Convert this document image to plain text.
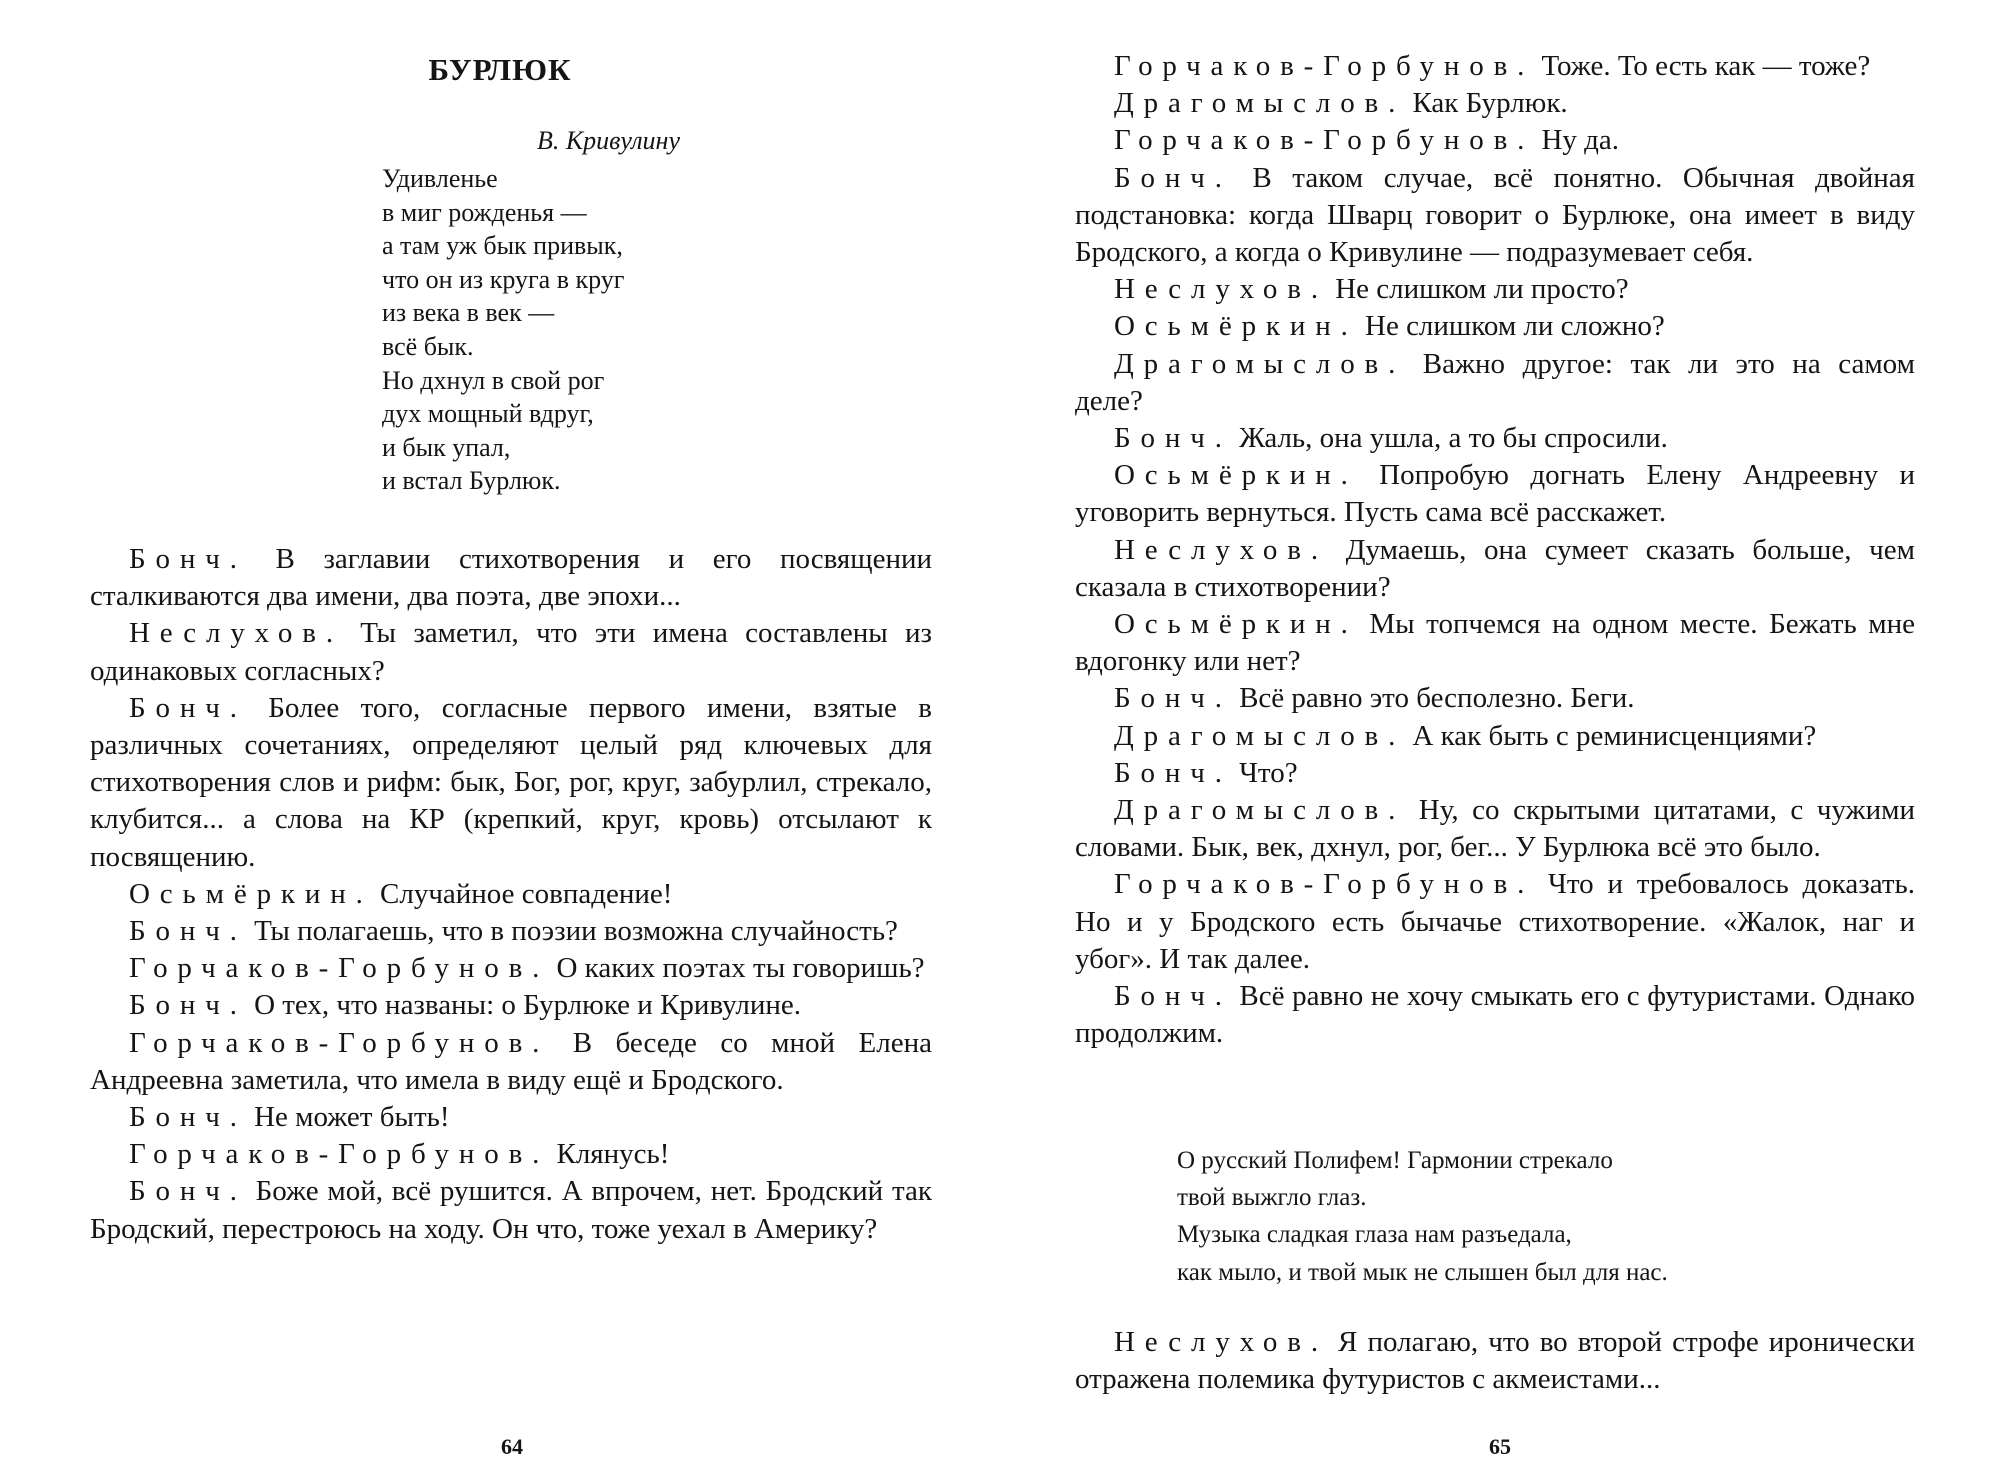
БУРЛЮК
В. Кривулину
Удивленье
в миг рожденья —
а там уж бык привык,
что он из круга в круг
из века в век —
всё бык.
Но дхнул в свой рог
дух мощный вдруг,
и бык упал,
и встал Бурлюк.

Бонч. В заглавии стихотворения и его посвящении сталкиваются два имени, два поэта, две эпохи...

Неслухов. Ты заметил, что эти имена составлены из одинаковых согласных?

Бонч. Более того, согласные первого имени, взятые в различных сочетаниях, определяют целый ряд ключевых для стихотворения слов и рифм: бык, Бог, рог, круг, забурлил, стрекало, клубится... а слова на КР (крепкий, круг, кровь) отсылают к посвящению.

Осьмёркин. Случайное совпадение!

Бонч. Ты полагаешь, что в поэзии возможна случайность?

Горчаков-Горбунов. О каких поэтах ты говоришь?

Бонч. О тех, что названы: о Бурлюке и Кривулине.

Горчаков-Горбунов. В беседе со мной Елена Андреевна заметила, что имела в виду ещё и Бродского.

Бонч. Не может быть!

Горчаков-Горбунов. Клянусь!

Бонч. Боже мой, всё рушится. А впрочем, нет. Бродский так Бродский, перестроюсь на ходу. Он что, тоже уехал в Америку?

64

Горчаков-Горбунов. Тоже. То есть как — тоже?

Драгомыслов. Как Бурлюк.

Горчаков-Горбунов. Ну да.

Бонч. В таком случае, всё понятно. Обычная двойная подстановка: когда Шварц говорит о Бурлюке, она имеет в виду Бродского, а когда о Кривулине — подразумевает себя.

Неслухов. Не слишком ли просто?

Осьмёркин. Не слишком ли сложно?

Драгомыслов. Важно другое: так ли это на самом деле?

Бонч. Жаль, она ушла, а то бы спросили.

Осьмёркин. Попробую догнать Елену Андреевну и уговорить вернуться. Пусть сама всё расскажет.

Неслухов. Думаешь, она сумеет сказать больше, чем сказала в стихотворении?

Осьмёркин. Мы топчемся на одном месте. Бежать мне вдогонку или нет?

Бонч. Всё равно это бесполезно. Беги.

Драгомыслов. А как быть с реминисценциями?

Бонч. Что?

Драгомыслов. Ну, со скрытыми цитатами, с чужими словами. Бык, век, дхнул, рог, бег... У Бурлюка всё это было.

Горчаков-Горбунов. Что и требовалось доказать. Но и у Бродского есть бычачье стихотворение. «Жалок, наг и убог». И так далее.

Бонч. Всё равно не хочу смыкать его с футуристами. Однако продолжим.

О русский Полифем! Гармонии стрекало
твой выжгло глаз.
Музыка сладкая глаза нам разъедала,
как мыло, и твой мык не слышен был для нас.

Неслухов. Я полагаю, что во второй строфе иронически отражена полемика футуристов с акмеистами...

65
